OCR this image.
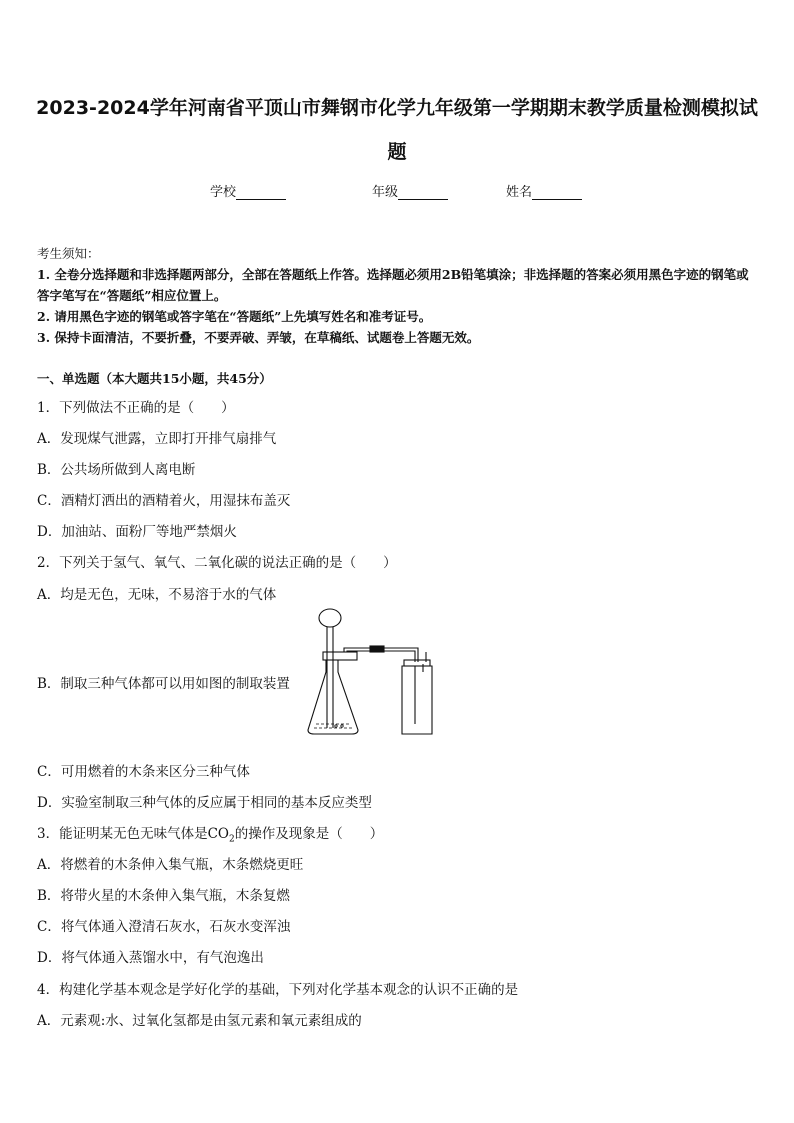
2023-2024学年河南省平顶山市舞钢市化学九年级第一学期期末教学质量检测模拟试
题
学校	年级	姓名
考生须知：
1. 全卷分选择题和非选择题两部分，全部在答题纸上作答。选择题必须用2B铅笔填涂；非选择题的答案必须用黑色字迹的钢笔或答字笔写在“答题纸”相应位置上。
2. 请用黑色字迹的钢笔或答字笔在“答题纸”上先填写姓名和准考证号。
3. 保持卡面清洁，不要折叠，不要弄破、弄皱，在草稿纸、试题卷上答题无效。
一、单选题（本大题共15小题，共45分）
1．下列做法不正确的是（　　）
A．发现煤气泄露，立即打开排气扇排气
B．公共场所做到人离电断
C．酒精灯洒出的酒精着火，用湿抹布盖灭
D．加油站、面粉厂等地严禁烟火
2．下列关于氢气、氧气、二氧化碳的说法正确的是（　　）
A．均是无色，无味，不易溶于水的气体
B．制取三种气体都可以用如图的制取装置
C．可用燃着的木条来区分三种气体
D．实验室制取三种气体的反应属于相同的基本反应类型
3．能证明某无色无味气体是$CO_2$的操作及现象是（　　）
A．将燃着的木条伸入集气瓶，木条燃烧更旺
B．将带火星的木条伸入集气瓶，木条复燃
C．将气体通入澄清石灰水，石灰水变浑浊
D．将气体通入蒸馏水中，有气泡逸出
4．构建化学基本观念是学好化学的基础，下列对化学基本观念的认识不正确的是
A．元素观:水、过氧化氢都是由氢元素和氧元素组成的
